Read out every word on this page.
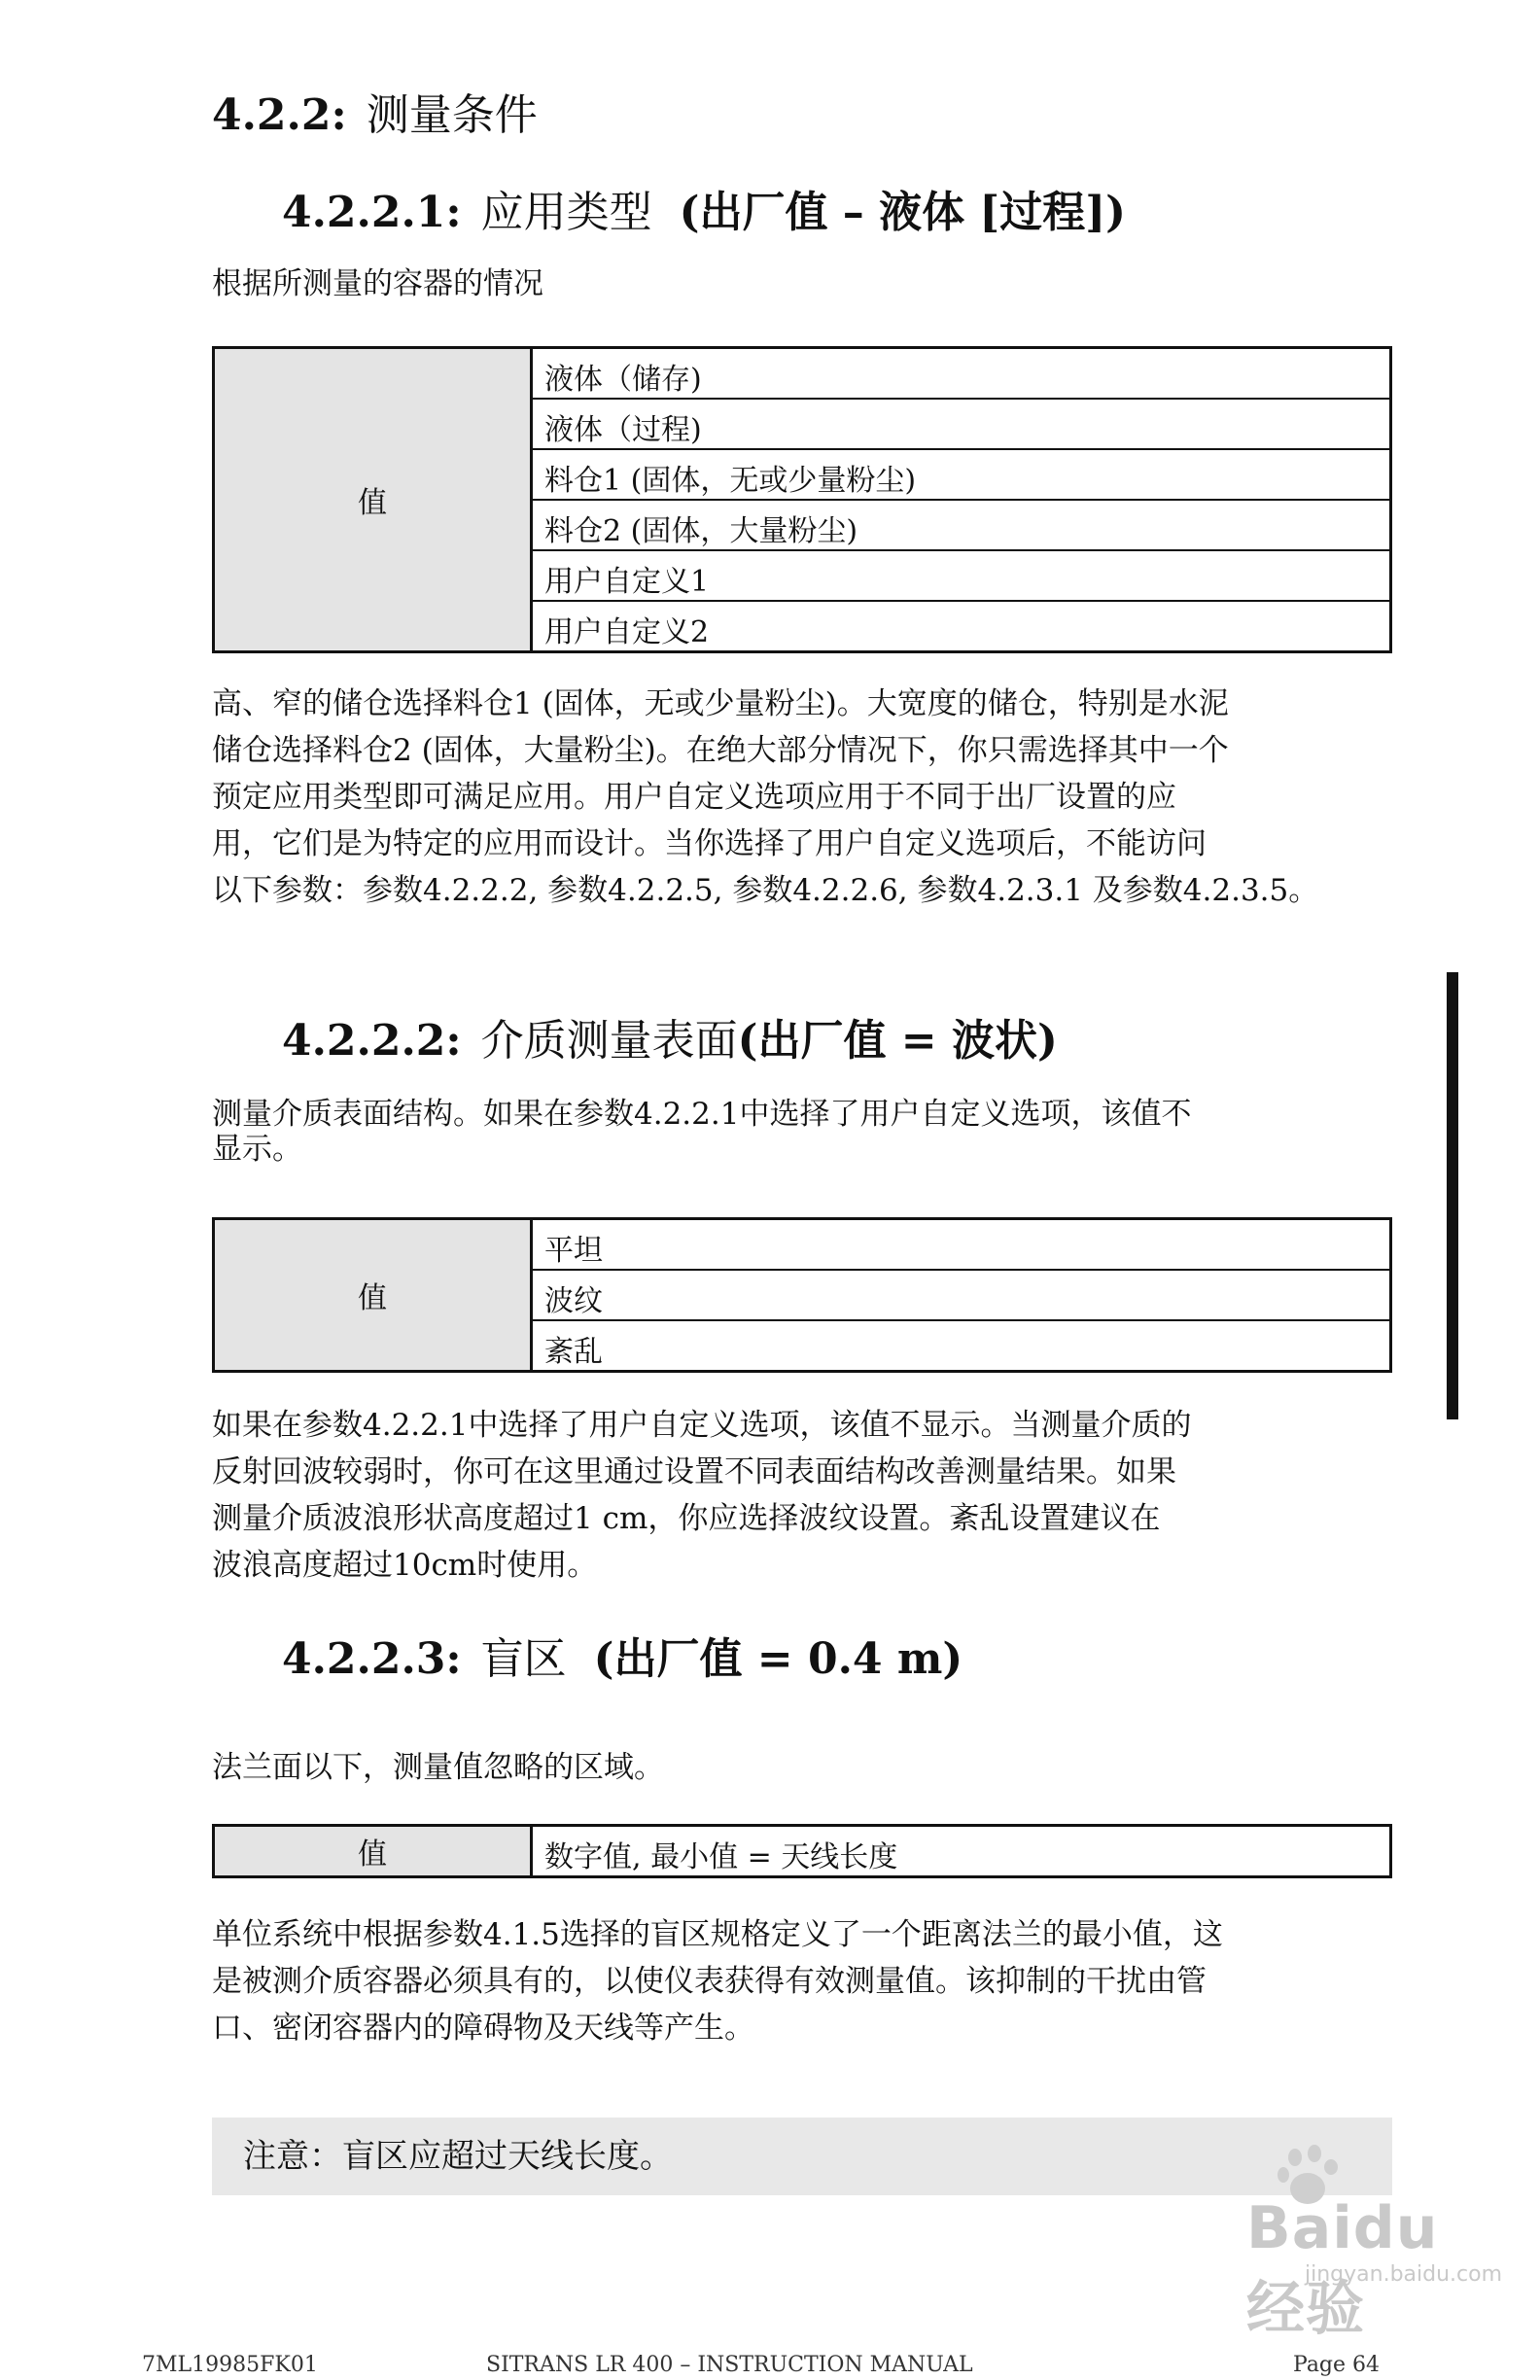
4.2.2: 测量条件
4.2.2.1: 应用类型 (出厂值 – 液体 [过程])
根据所测量的容器的情况
值	液体（储存)
液体（过程)
料仓1 (固体，无或少量粉尘)
料仓2 (固体，大量粉尘)
用户自定义1
用户自定义2
高、窄的储仓选择料仓1 (固体，无或少量粉尘)。大宽度的储仓，特别是水泥
储仓选择料仓2 (固体，大量粉尘)。在绝大部分情况下，你只需选择其中一个
预定应用类型即可满足应用。用户自定义选项应用于不同于出厂设置的应
用，它们是为特定的应用而设计。当你选择了用户自定义选项后，不能访问
以下参数：参数4.2.2.2, 参数4.2.2.5, 参数4.2.2.6, 参数4.2.3.1 及参数4.2.3.5。
4.2.2.2: 介质测量表面(出厂值 = 波状)
测量介质表面结构。如果在参数4.2.2.1中选择了用户自定义选项，该值不
显示。
值	平坦
波纹
紊乱
如果在参数4.2.2.1中选择了用户自定义选项，该值不显示。当测量介质的
反射回波较弱时，你可在这里通过设置不同表面结构改善测量结果。如果
测量介质波浪形状高度超过1 cm，你应选择波纹设置。紊乱设置建议在
波浪高度超过10cm时使用。
4.2.2.3: 盲区 (出厂值 = 0.4 m)
法兰面以下，测量值忽略的区域。
值	数字值, 最小值 = 天线长度
单位系统中根据参数4.1.5选择的盲区规格定义了一个距离法兰的最小值，这
是被测介质容器必须具有的，以使仪表获得有效测量值。该抑制的干扰由管
口、密闭容器内的障碍物及天线等产生。
注意：盲区应超过天线长度。
Baidu经验
jingyan.baidu.com
7ML19985FK01	SITRANS LR 400 – INSTRUCTION MANUAL	Page 64
